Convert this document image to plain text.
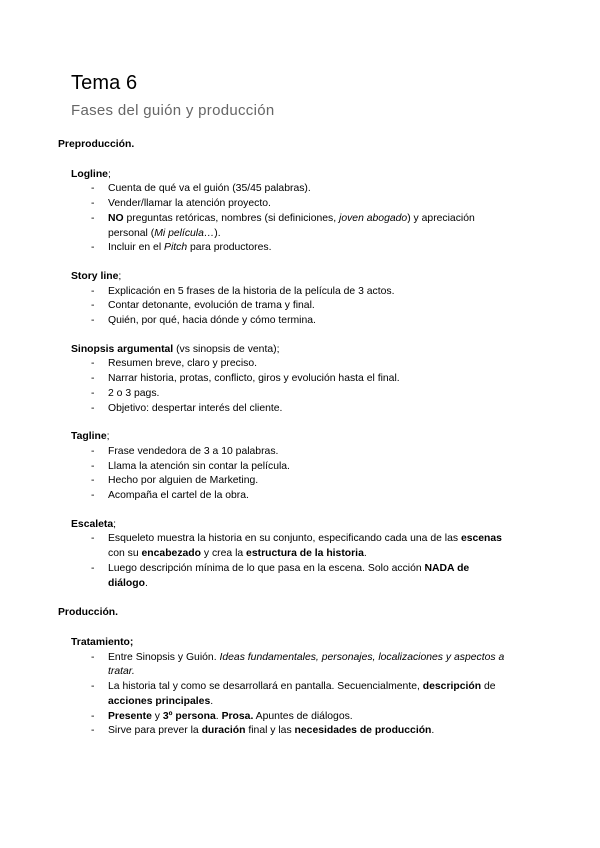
Tema 6
Fases del guión y producción
Preproducción.
Logline;
- Cuenta de qué va el guión (35/45 palabras).
- Vender/llamar la atención proyecto.
- NO preguntas retóricas, nombres (si definiciones, joven abogado) y apreciación personal (Mi película…).
- Incluir en el Pitch para productores.
Story line;
- Explicación en 5 frases de la historia de la película de 3 actos.
- Contar detonante, evolución de trama y final.
- Quién, por qué, hacia dónde y cómo termina.
Sinopsis argumental (vs sinopsis de venta);
- Resumen breve, claro y preciso.
- Narrar historia, protas, conflicto, giros y evolución hasta el final.
- 2 o 3 pags.
- Objetivo: despertar interés del cliente.
Tagline;
- Frase vendedora de 3 a 10 palabras.
- Llama la atención sin contar la película.
- Hecho por alguien de Marketing.
- Acompaña el cartel de la obra.
Escaleta;
- Esqueleto muestra la historia en su conjunto, especificando cada una de las escenas con su encabezado y crea la estructura de la historia.
- Luego descripción mínima de lo que pasa en la escena. Solo acción NADA de diálogo.
Producción.
Tratamiento;
- Entre Sinopsis y Guión. Ideas fundamentales, personajes, localizaciones y aspectos a tratar.
- La historia tal y como se desarrollará en pantalla. Secuencialmente, descripción de acciones principales.
- Presente y 3º persona. Prosa. Apuntes de diálogos.
- Sirve para prever la duración final y las necesidades de producción.
